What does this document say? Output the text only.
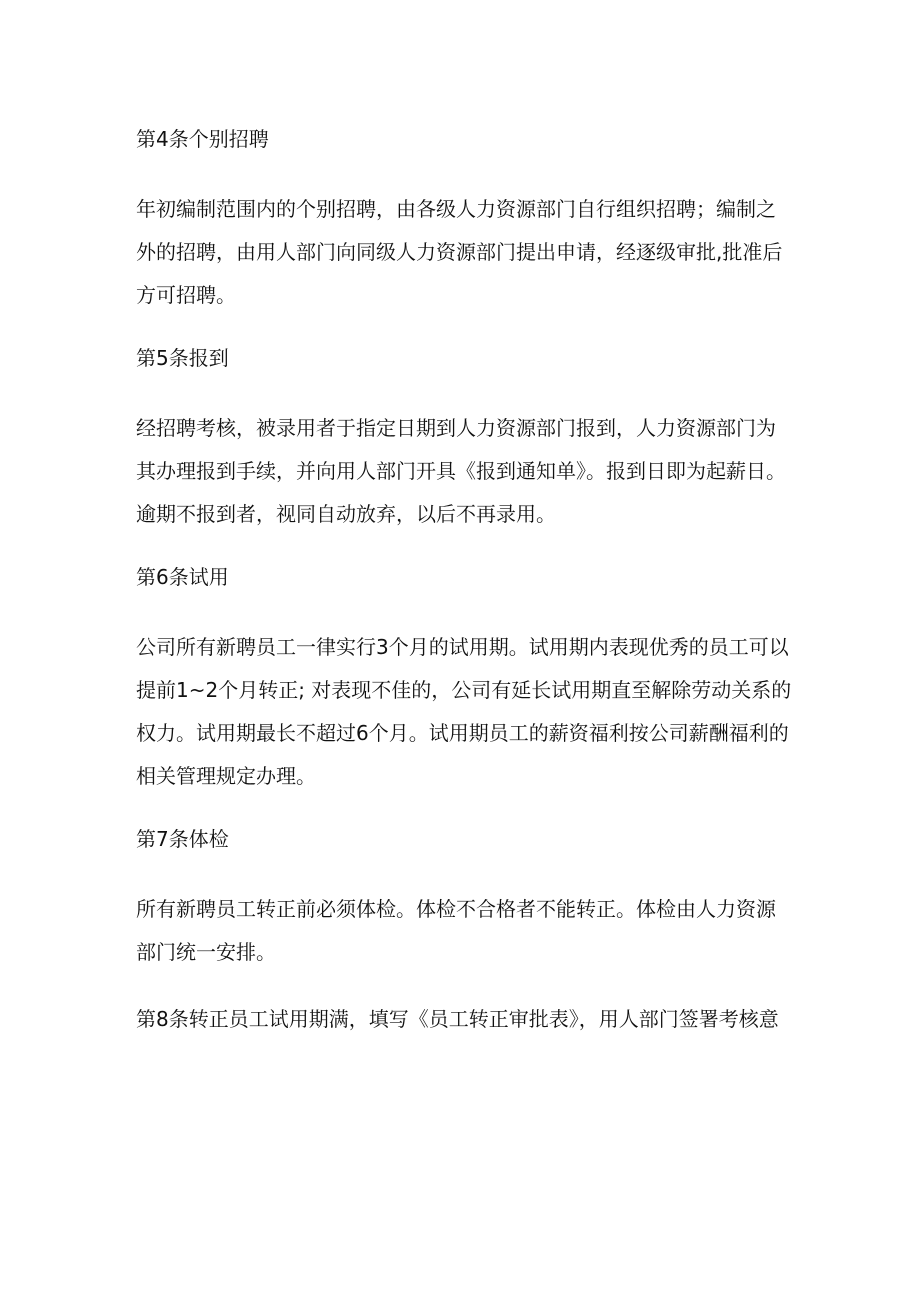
第4条个别招聘

年初编制范围内的个别招聘，由各级人力资源部门自行组织招聘；编制之
外的招聘，由用人部门向同级人力资源部门提出申请，经逐级审批,批准后
方可招聘。

第5条报到

经招聘考核，被录用者于指定日期到人力资源部门报到，人力资源部门为
其办理报到手续，并向用人部门开具《报到通知单》。报到日即为起薪日。
逾期不报到者，视同自动放弃，以后不再录用。

第6条试用

公司所有新聘员工一律实行3个月的试用期。试用期内表现优秀的员工可以
提前1~2个月转正; 对表现不佳的，公司有延长试用期直至解除劳动关系的
权力。试用期最长不超过6个月。试用期员工的薪资福利按公司薪酬福利的
相关管理规定办理。

第7条体检

所有新聘员工转正前必须体检。体检不合格者不能转正。体检由人力资源
部门统一安排。

第8条转正员工试用期满，填写《员工转正审批表》，用人部门签署考核意
